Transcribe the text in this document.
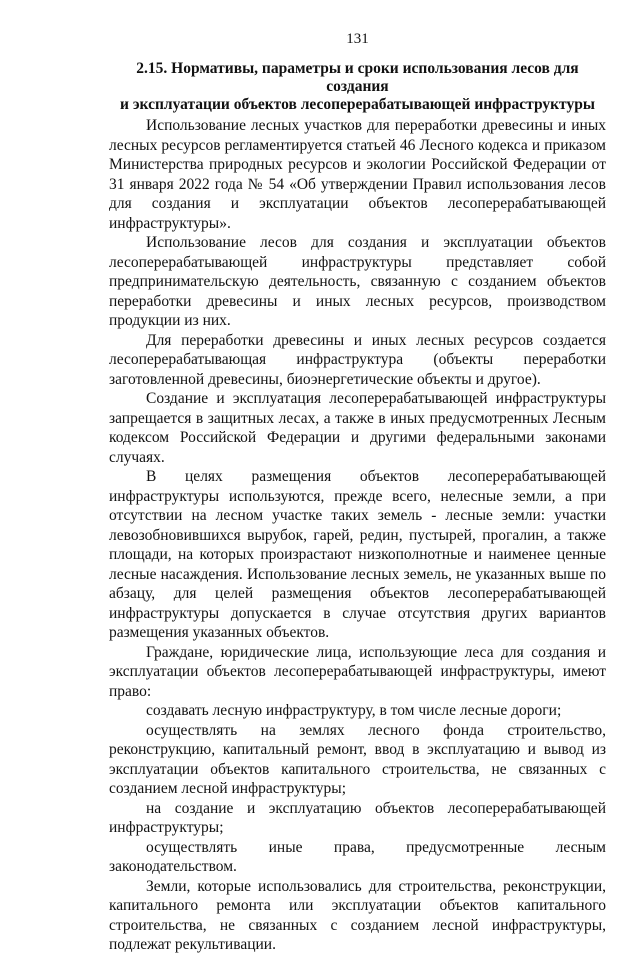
131
2.15. Нормативы, параметры и сроки использования лесов для создания
и эксплуатации объектов лесоперерабатывающей инфраструктуры

Использование лесных участков для переработки древесины и иных лесных ресурсов регламентируется статьей 46 Лесного кодекса и приказом Министерства природных ресурсов и экологии Российской Федерации от 31 января 2022 года № 54 «Об утверждении Правил использования лесов для создания и эксплуатации объектов лесоперерабатывающей инфраструктуры».

Использование лесов для создания и эксплуатации объектов лесоперерабатывающей инфраструктуры представляет собой предпринимательскую деятельность, связанную с созданием объектов переработки древесины и иных лесных ресурсов, производством продукции из них.

Для переработки древесины и иных лесных ресурсов создается лесоперерабатывающая инфраструктура (объекты переработки заготовленной древесины, биоэнергетические объекты и другое).

Создание и эксплуатация лесоперерабатывающей инфраструктуры запрещается в защитных лесах, а также в иных предусмотренных Лесным кодексом Российской Федерации и другими федеральными законами случаях.

В целях размещения объектов лесоперерабатывающей инфраструктуры используются, прежде всего, нелесные земли, а при отсутствии на лесном участке таких земель - лесные земли: участки левозобновившихся вырубок, гарей, редин, пустырей, прогалин, а также площади, на которых произрастают низкополнотные и наименее ценные лесные насаждения. Использование лесных земель, не указанных выше по абзацу, для целей размещения объектов лесоперерабатывающей инфраструктуры допускается в случае отсутствия других вариантов размещения указанных объектов.

Граждане, юридические лица, использующие леса для создания и эксплуатации объектов лесоперерабатывающей инфраструктуры, имеют право:

создавать лесную инфраструктуру, в том числе лесные дороги;

осуществлять на землях лесного фонда строительство, реконструкцию, капитальный ремонт, ввод в эксплуатацию и вывод из эксплуатации объектов капитального строительства, не связанных с созданием лесной инфраструктуры;

на создание и эксплуатацию объектов лесоперерабатывающей инфраструктуры;

осуществлять иные права, предусмотренные лесным законодательством.

Земли, которые использовались для строительства, реконструкции, капитального ремонта или эксплуатации объектов капитального строительства, не связанных с созданием лесной инфраструктуры, подлежат рекультивации.
